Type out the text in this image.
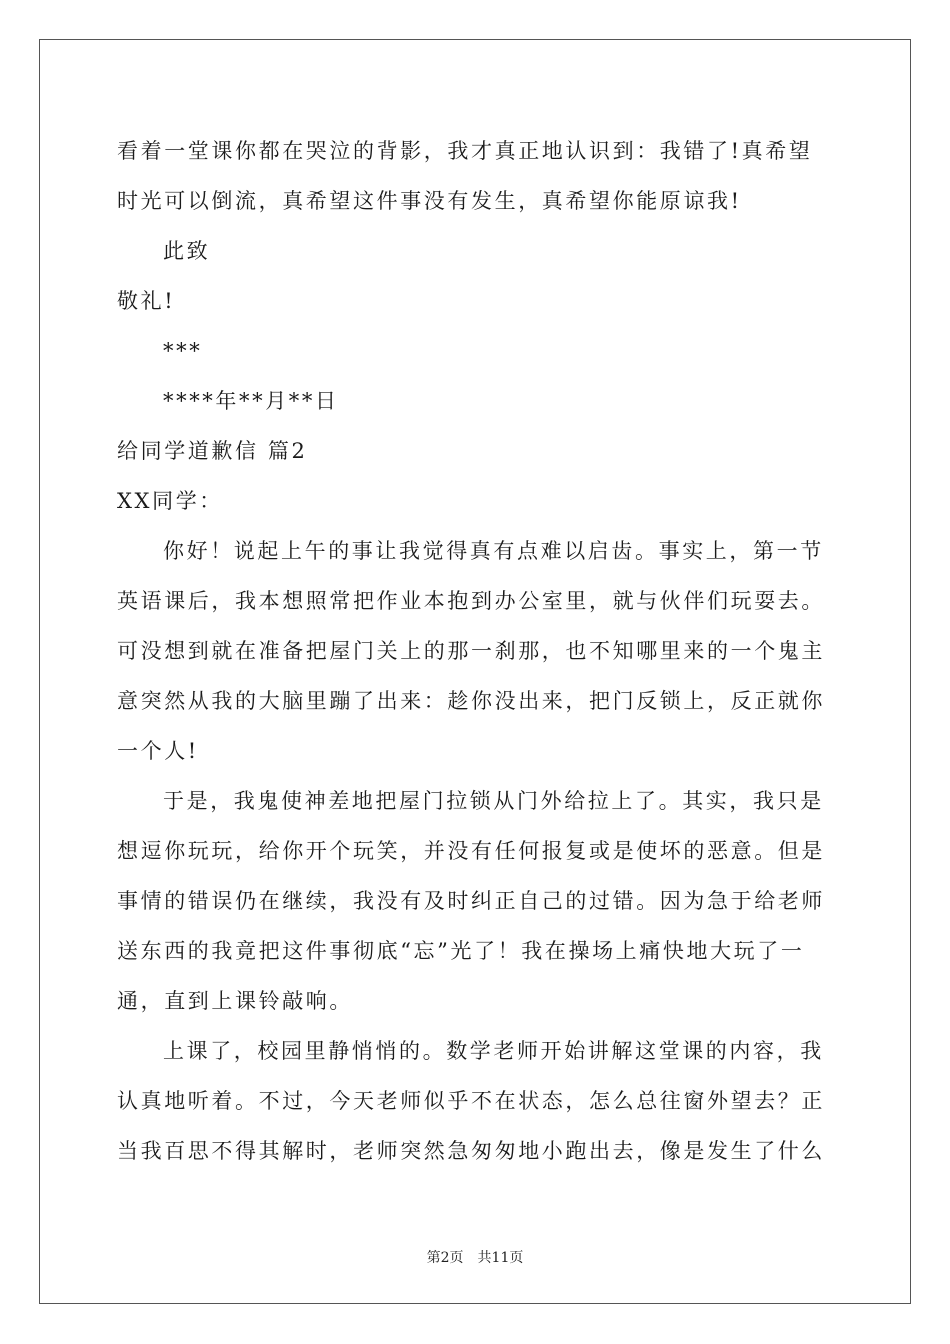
看着一堂课你都在哭泣的背影，我才真正地认识到：我错了!真希望
时光可以倒流，真希望这件事没有发生，真希望你能原谅我!
此致
敬礼!
***
****年**月**日
给同学道歉信 篇2
XX同学：
你好！说起上午的事让我觉得真有点难以启齿。事实上，第一节
英语课后，我本想照常把作业本抱到办公室里，就与伙伴们玩耍去。
可没想到就在准备把屋门关上的那一刹那，也不知哪里来的一个鬼主
意突然从我的大脑里蹦了出来：趁你没出来，把门反锁上，反正就你
一个人!
于是，我鬼使神差地把屋门拉锁从门外给拉上了。其实，我只是
想逗你玩玩，给你开个玩笑，并没有任何报复或是使坏的恶意。但是
事情的错误仍在继续，我没有及时纠正自己的过错。因为急于给老师
送东西的我竟把这件事彻底“忘”光了！我在操场上痛快地大玩了一
通，直到上课铃敲响。
上课了，校园里静悄悄的。数学老师开始讲解这堂课的内容，我
认真地听着。不过，今天老师似乎不在状态，怎么总往窗外望去？正
当我百思不得其解时，老师突然急匆匆地小跑出去，像是发生了什么
第2页 共11页
